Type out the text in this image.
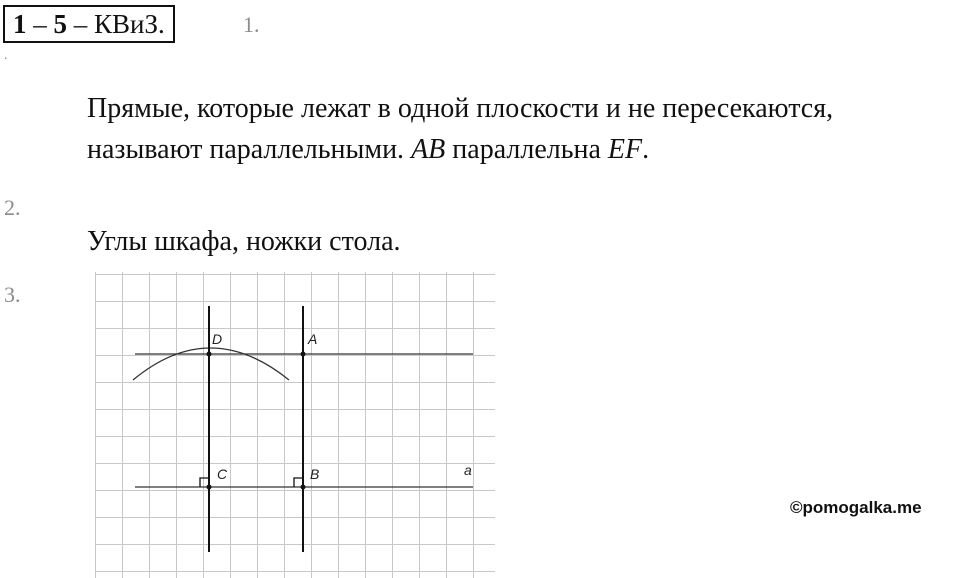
1 – 5 – КВиЗ.	1.
.
Прямые, которые лежат в одной плоскости и не пересекаются,
называют параллельными. AB параллельна EF.
2.
Углы шкафа, ножки стола.
3.
D	A
C	B	a
©pomogalka.me
